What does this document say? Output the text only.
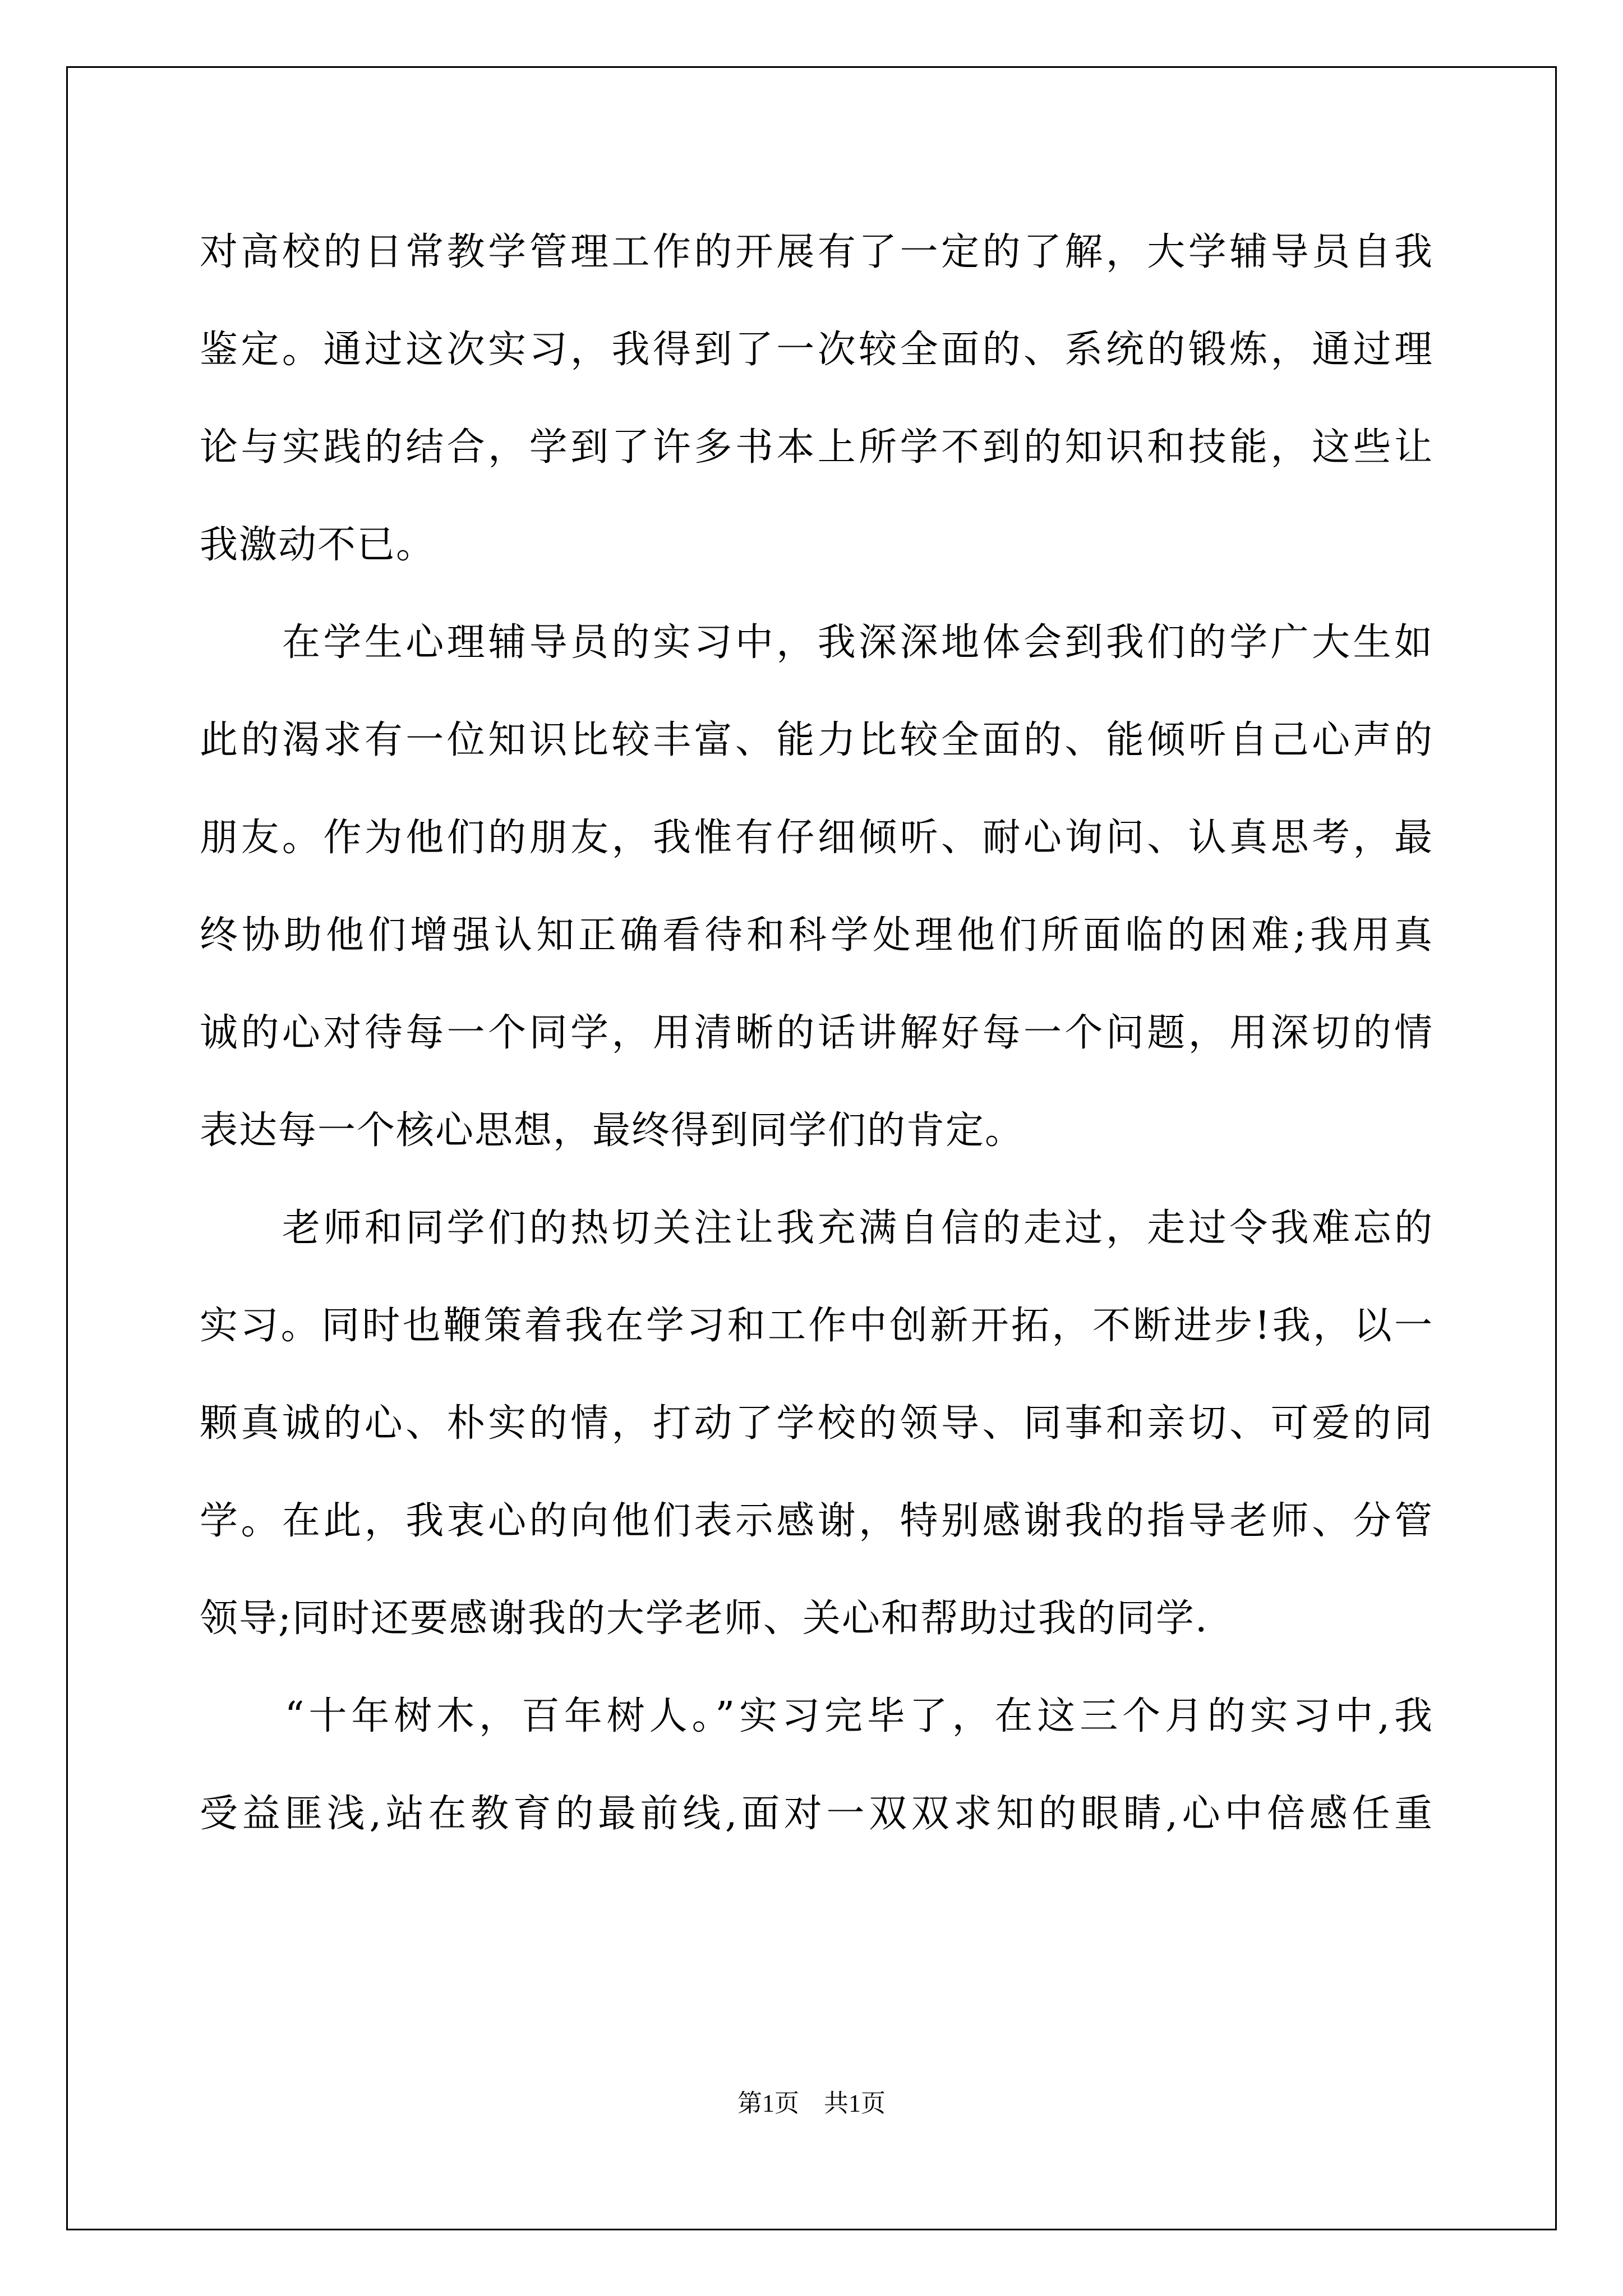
对高校的日常教学管理工作的开展有了一定的了解，大学辅导员自我
鉴定。通过这次实习，我得到了一次较全面的、系统的锻炼，通过理
论与实践的结合，学到了许多书本上所学不到的知识和技能，这些让
我激动不已。
　　在学生心理辅导员的实习中，我深深地体会到我们的学广大生如
此的渴求有一位知识比较丰富、能力比较全面的、能倾听自己心声的
朋友。作为他们的朋友，我惟有仔细倾听、耐心询问、认真思考，最
终协助他们增强认知正确看待和科学处理他们所面临的困难;我用真
诚的心对待每一个同学，用清晰的话讲解好每一个问题，用深切的情
表达每一个核心思想，最终得到同学们的肯定。
　　老师和同学们的热切关注让我充满自信的走过，走过令我难忘的
实习。同时也鞭策着我在学习和工作中创新开拓，不断进步!我，以一
颗真诚的心、朴实的情，打动了学校的领导、同事和亲切、可爱的同
学。在此，我衷心的向他们表示感谢，特别感谢我的指导老师、分管
领导;同时还要感谢我的大学老师、关心和帮助过我的同学.
　　“十年树木，百年树人。”实习完毕了，在这三个月的实习中,我
受益匪浅,站在教育的最前线,面对一双双求知的眼睛,心中倍感任重
第1页　共1页
